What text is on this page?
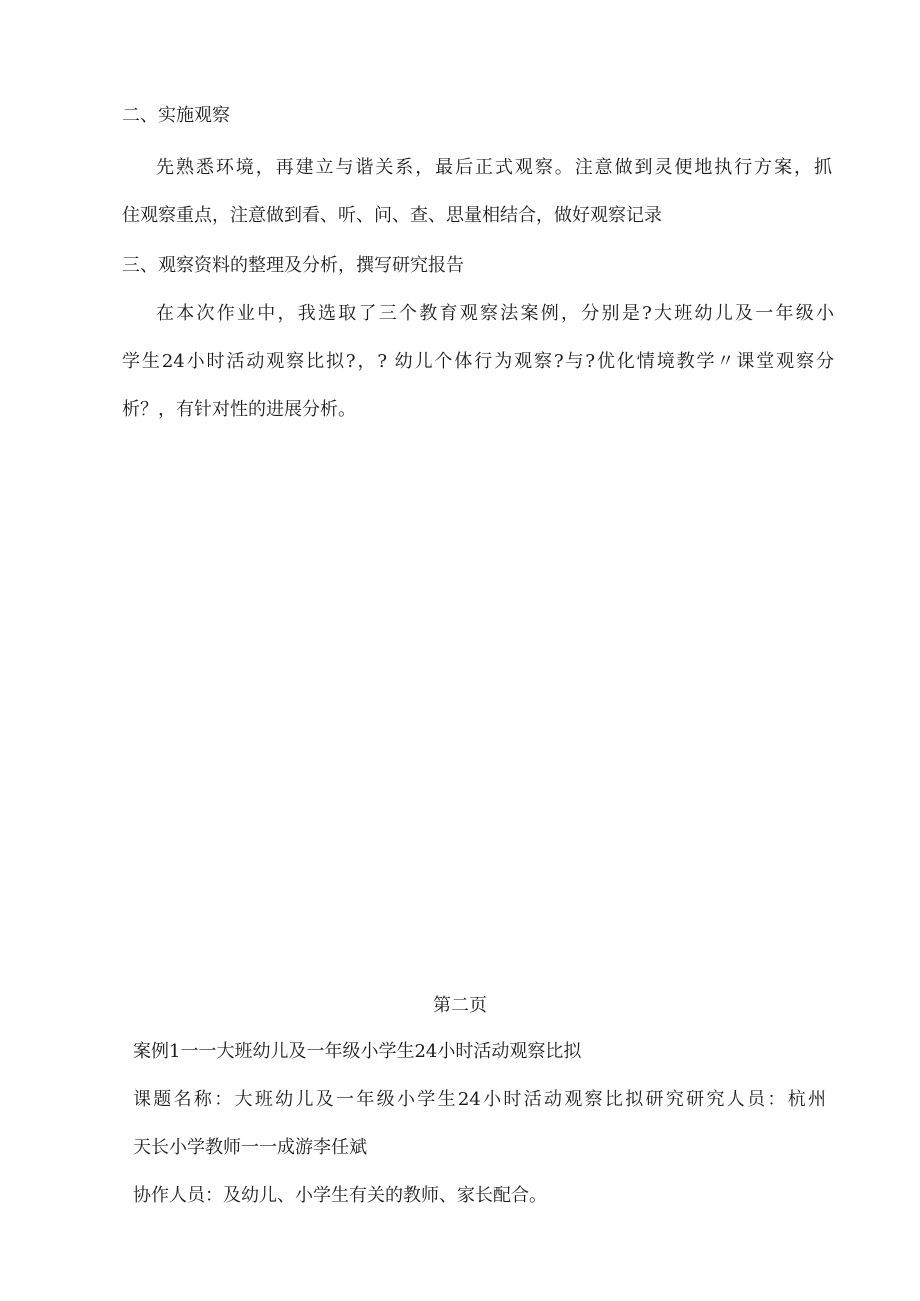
二、实施观察

先熟悉环境，再建立与谐关系，最后正式观察。注意做到灵便地执行方案，抓

住观察重点，注意做到看、听、问、查、思量相结合，做好观察记录

三、观察资料的整理及分析，撰写研究报告

在本次作业中，我选取了三个教育观察法案例，分别是?大班幼儿及一年级小

学生24小时活动观察比拟?，? 幼儿个体行为观察?与?优化情境教学〃课堂观察分

析？，有针对性的进展分析。

第二页

案例1一一大班幼儿及一年级小学生24小时活动观察比拟

课题名称：大班幼儿及一年级小学生24小时活动观察比拟研究研究人员：杭州

天长小学教师一一成游李任斌

协作人员：及幼儿、小学生有关的教师、家长配合。
